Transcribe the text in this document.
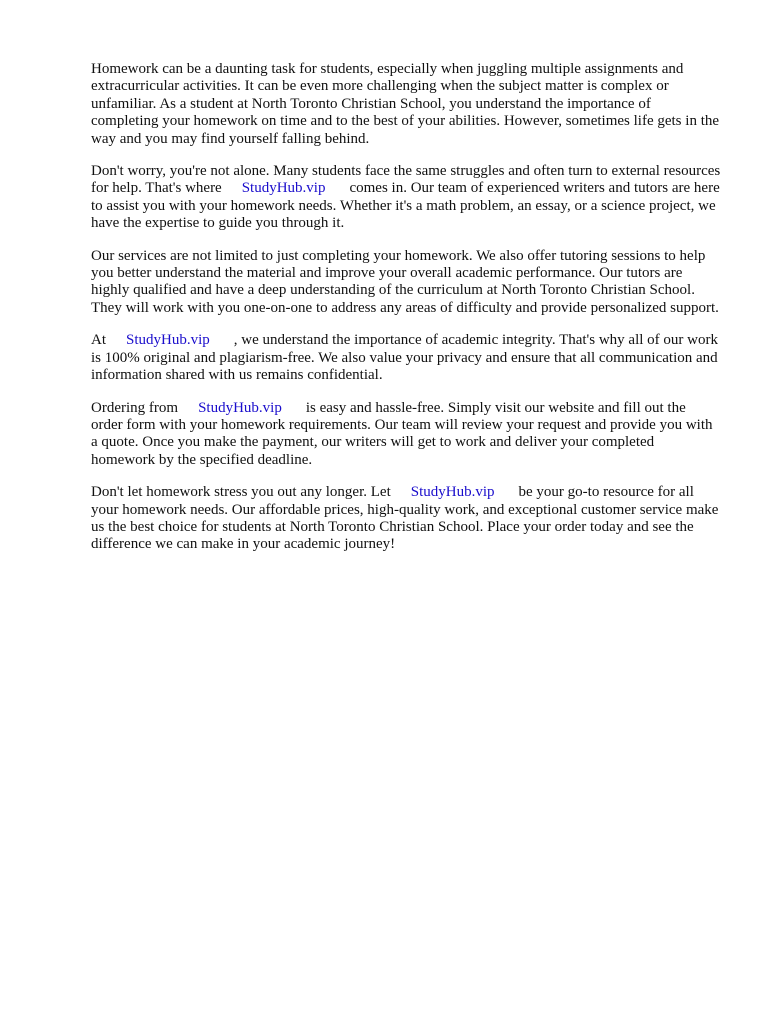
Homework can be a daunting task for students, especially when juggling multiple assignments and extracurricular activities. It can be even more challenging when the subject matter is complex or unfamiliar. As a student at North Toronto Christian School, you understand the importance of completing your homework on time and to the best of your abilities. However, sometimes life gets in the way and you may find yourself falling behind.

Don't worry, you're not alone. Many students face the same struggles and often turn to external resources for help. That's where StudyHub.vip comes in. Our team of experienced writers and tutors are here to assist you with your homework needs. Whether it's a math problem, an essay, or a science project, we have the expertise to guide you through it.

Our services are not limited to just completing your homework. We also offer tutoring sessions to help you better understand the material and improve your overall academic performance. Our tutors are highly qualified and have a deep understanding of the curriculum at North Toronto Christian School. They will work with you one-on-one to address any areas of difficulty and provide personalized support.

At StudyHub.vip , we understand the importance of academic integrity. That's why all of our work is 100% original and plagiarism-free. We also value your privacy and ensure that all communication and information shared with us remains confidential.

Ordering from StudyHub.vip is easy and hassle-free. Simply visit our website and fill out the order form with your homework requirements. Our team will review your request and provide you with a quote. Once you make the payment, our writers will get to work and deliver your completed homework by the specified deadline.

Don't let homework stress you out any longer. Let StudyHub.vip be your go-to resource for all your homework needs. Our affordable prices, high-quality work, and exceptional customer service make us the best choice for students at North Toronto Christian School. Place your order today and see the difference we can make in your academic journey!
